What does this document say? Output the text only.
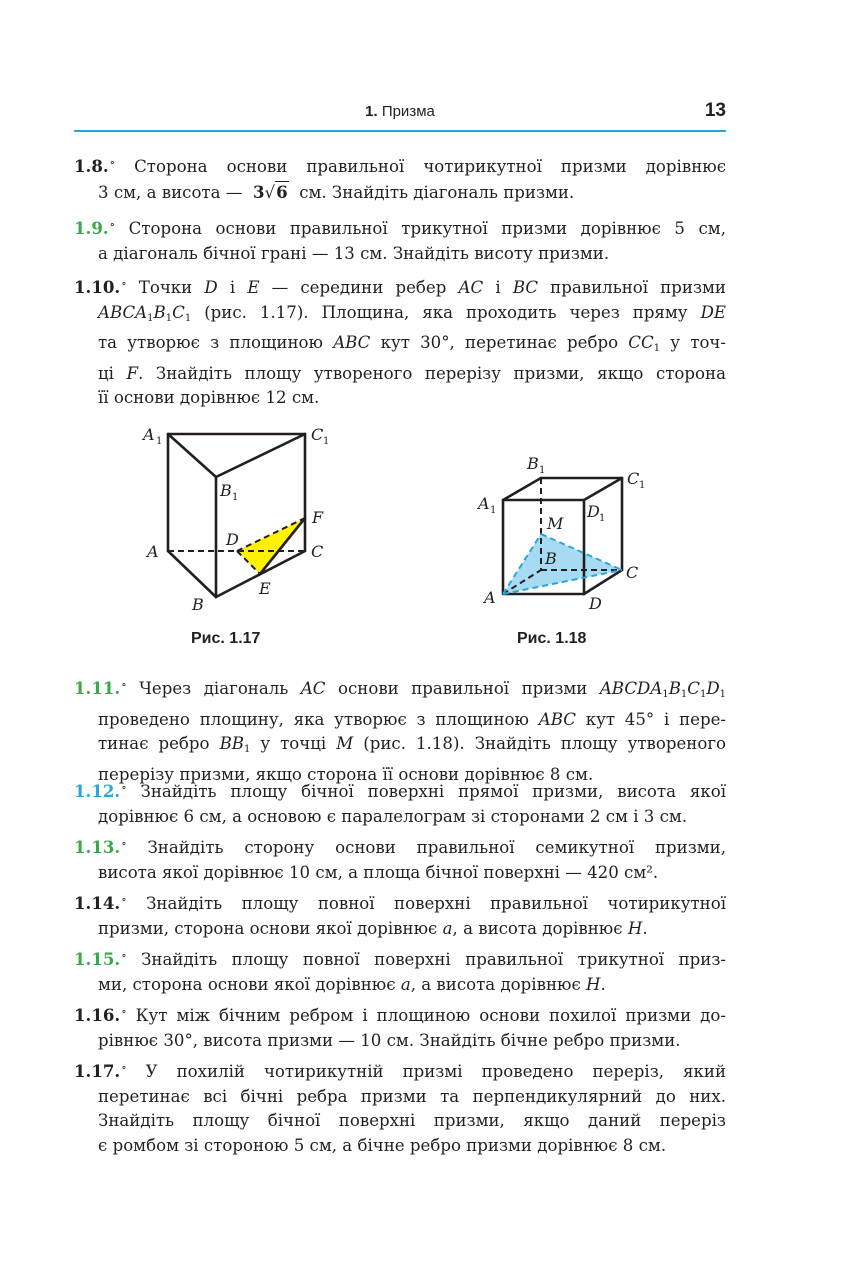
1. Призма	13
1.8.∘ Сторона основи правильної чотирикутної призми дорівнює
3 см, а висота — 3√6 см. Знайдіть діагональ призми.
1.9.∘ Сторона основи правильної трикутної призми дорівнює 5 см,
а діагональ бічної грані — 13 см. Знайдіть висоту призми.
1.10.∘ Точки D і E — середини ребер AC і BC правильної призми
$ABCA_1B_1C_1$ (рис. 1.17). Площина, яка проходить через пряму DE
та утворює з площиною ABC кут 30°, перетинає ребро $CC_1$ у точ-
ці F. Знайдіть площу утвореного перерізу призми, якщо сторона
її основи дорівнює 12 см.
A 1	C 1
B 1
F
D
A	C
E
B
Рис. 1.17
B 1	C 1
A 1
M
D 1
B
C
A	D
Рис. 1.18
1.11.∘ Через діагональ AC основи правильної призми $ABCDA_1B_1C_1D_1$
проведено площину, яка утворює з площиною ABC кут 45° і пере-
тинає ребро $BB_1$ у точці M (рис. 1.18). Знайдіть площу утвореного
перерізу призми, якщо сторона її основи дорівнює 8 см.
1.12.∘ Знайдіть площу бічної поверхні прямої призми, висота якої
дорівнює 6 см, а основою є паралелограм зі сторонами 2 см і 3 см.
1.13.∘ Знайдіть сторону основи правильної семикутної призми,
висота якої дорівнює 10 см, а площа бічної поверхні — 420 см².
1.14.∘ Знайдіть площу повної поверхні правильної чотирикутної
призми, сторона основи якої дорівнює a, а висота дорівнює H.
1.15.∘ Знайдіть площу повної поверхні правильної трикутної приз-
ми, сторона основи якої дорівнює a, а висота дорівнює H.
1.16.∘ Кут між бічним ребром і площиною основи похилої призми до-
рівнює 30°, висота призми — 10 см. Знайдіть бічне ребро призми.
1.17.∘ У похилій чотирикутній призмі проведено переріз, який
перетинає всі бічні ребра призми та перпендикулярний до них.
Знайдіть площу бічної поверхні призми, якщо даний переріз
є ромбом зі стороною 5 см, а бічне ребро призми дорівнює 8 см.
